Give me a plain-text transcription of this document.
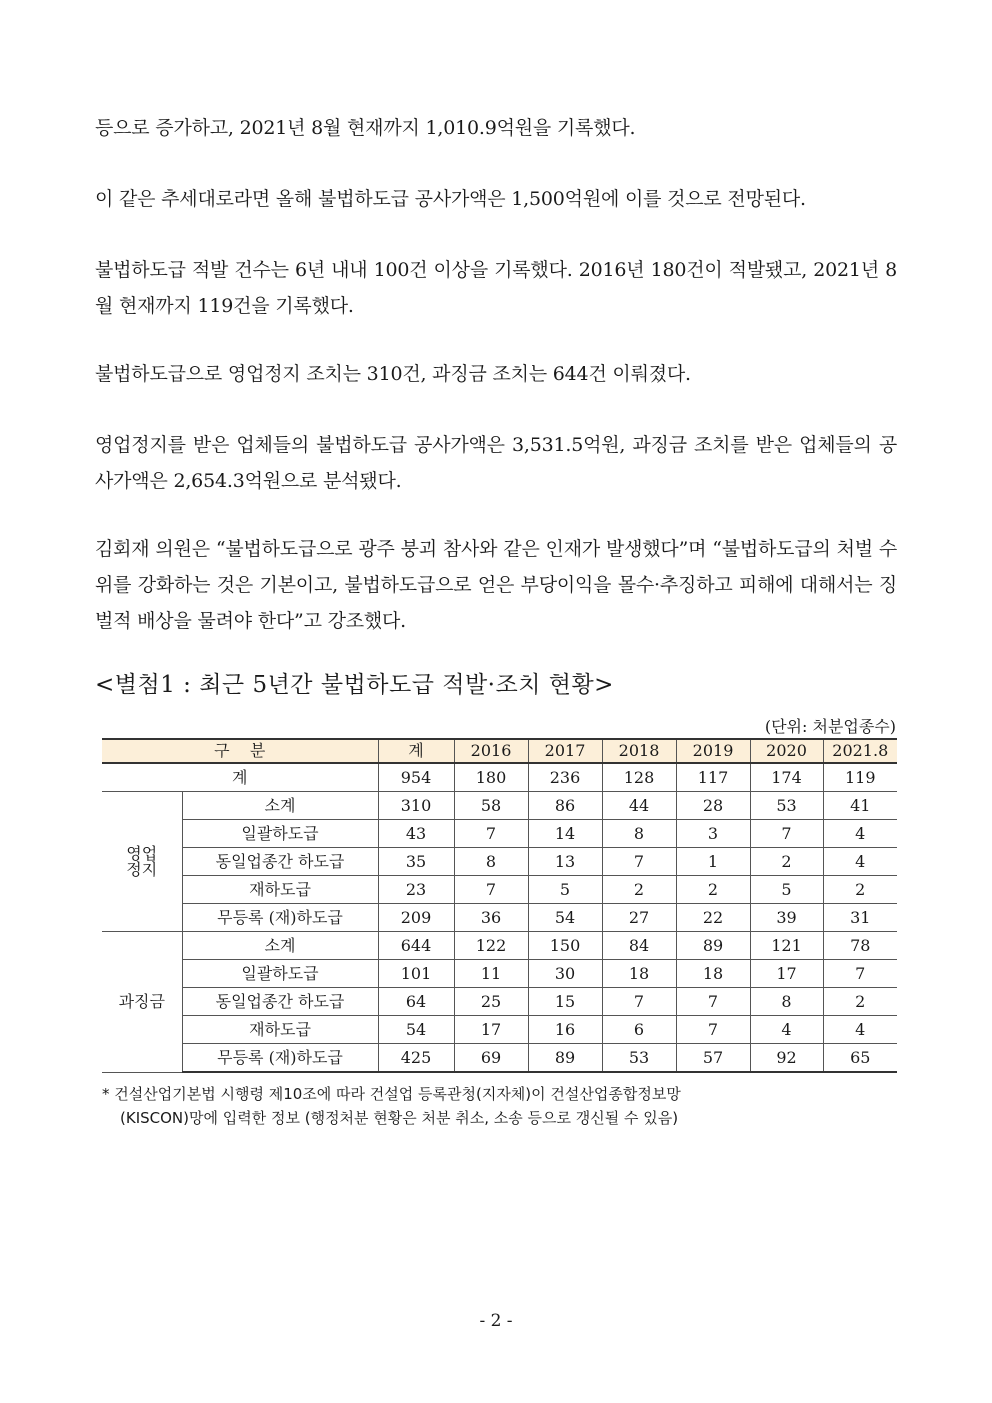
등으로 증가하고, 2021년 8월 현재까지 1,010.9억원을 기록했다.

이 같은 추세대로라면 올해 불법하도급 공사가액은 1,500억원에 이를 것으로 전망된다.

불법하도급 적발 건수는 6년 내내 100건 이상을 기록했다. 2016년 180건이 적발됐고, 2021년 8월 현재까지 119건을 기록했다.

불법하도급으로 영업정지 조치는 310건, 과징금 조치는 644건 이뤄졌다.

영업정지를 받은 업체들의 불법하도급 공사가액은 3,531.5억원, 과징금 조치를 받은 업체들의 공사가액은 2,654.3억원으로 분석됐다.

김회재 의원은 “불법하도급으로 광주 붕괴 참사와 같은 인재가 발생했다”며 “불법하도급의 처벌 수위를 강화하는 것은 기본이고, 불법하도급으로 얻은 부당이익을 몰수·추징하고 피해에 대해서는 징벌적 배상을 물려야 한다”고 강조했다.

<별첨1 : 최근 5년간 불법하도급 적발·조치 현황>

(단위: 처분업종수)

구    분		계	2016	2017	2018	2019	2020	2021.8
계		954	180	236	128	117	174	119
영업
정지	소계	310	58	86	44	28	53	41
	일괄하도급	43	7	14	8	3	7	4
	동일업종간 하도급	35	8	13	7	1	2	4
	재하도급	23	7	5	2	2	5	2
	무등록 (재)하도급	209	36	54	27	22	39	31
과징금	소계	644	122	150	84	89	121	78
	일괄하도급	101	11	30	18	18	17	7
	동일업종간 하도급	64	25	15	7	7	8	2
	재하도급	54	17	16	6	7	4	4
	무등록 (재)하도급	425	69	89	53	57	92	65

* 건설산업기본법 시행령 제10조에 따라 건설업 등록관청(지자체)이 건설산업종합정보망
(KISCON)망에 입력한 정보 (행정처분 현황은 처분 취소, 소송 등으로 갱신될 수 있음)

- 2 -
